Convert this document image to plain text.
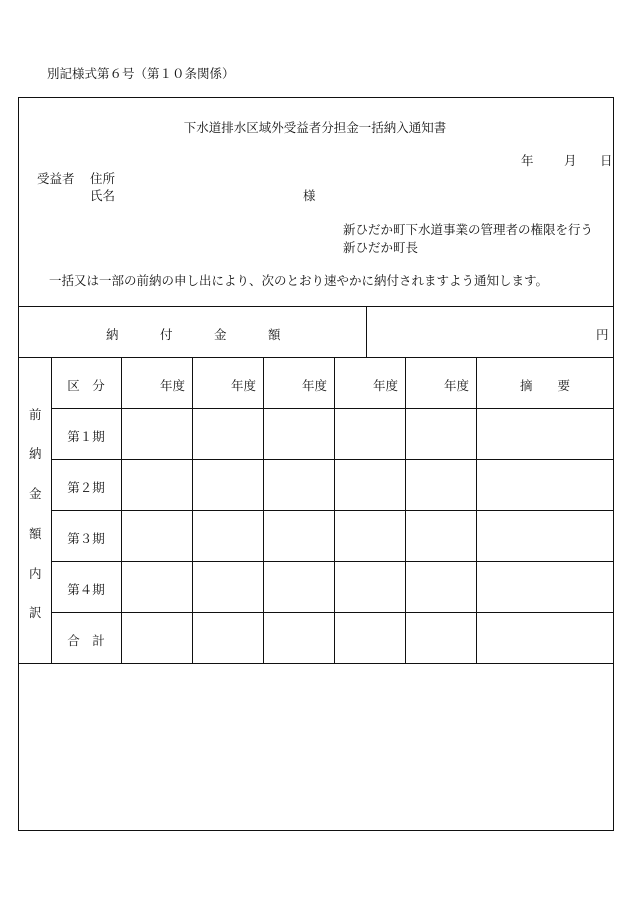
別記様式第６号（第１０条関係）
下水道排水区域外受益者分担金一括納入通知書
年 月 日
受益者 住所
氏名	様
新ひだか町下水道事業の管理者の権限を行う
新ひだか町長
一括又は一部の前納の申し出により、次のとおり速やかに納付されますよう通知します。
納	付	金	額	円
前
納
金
額
内
訳
区　分	年度	年度	年度	年度	年度	摘　　要
第１期
第２期
第３期
第４期
合　計
